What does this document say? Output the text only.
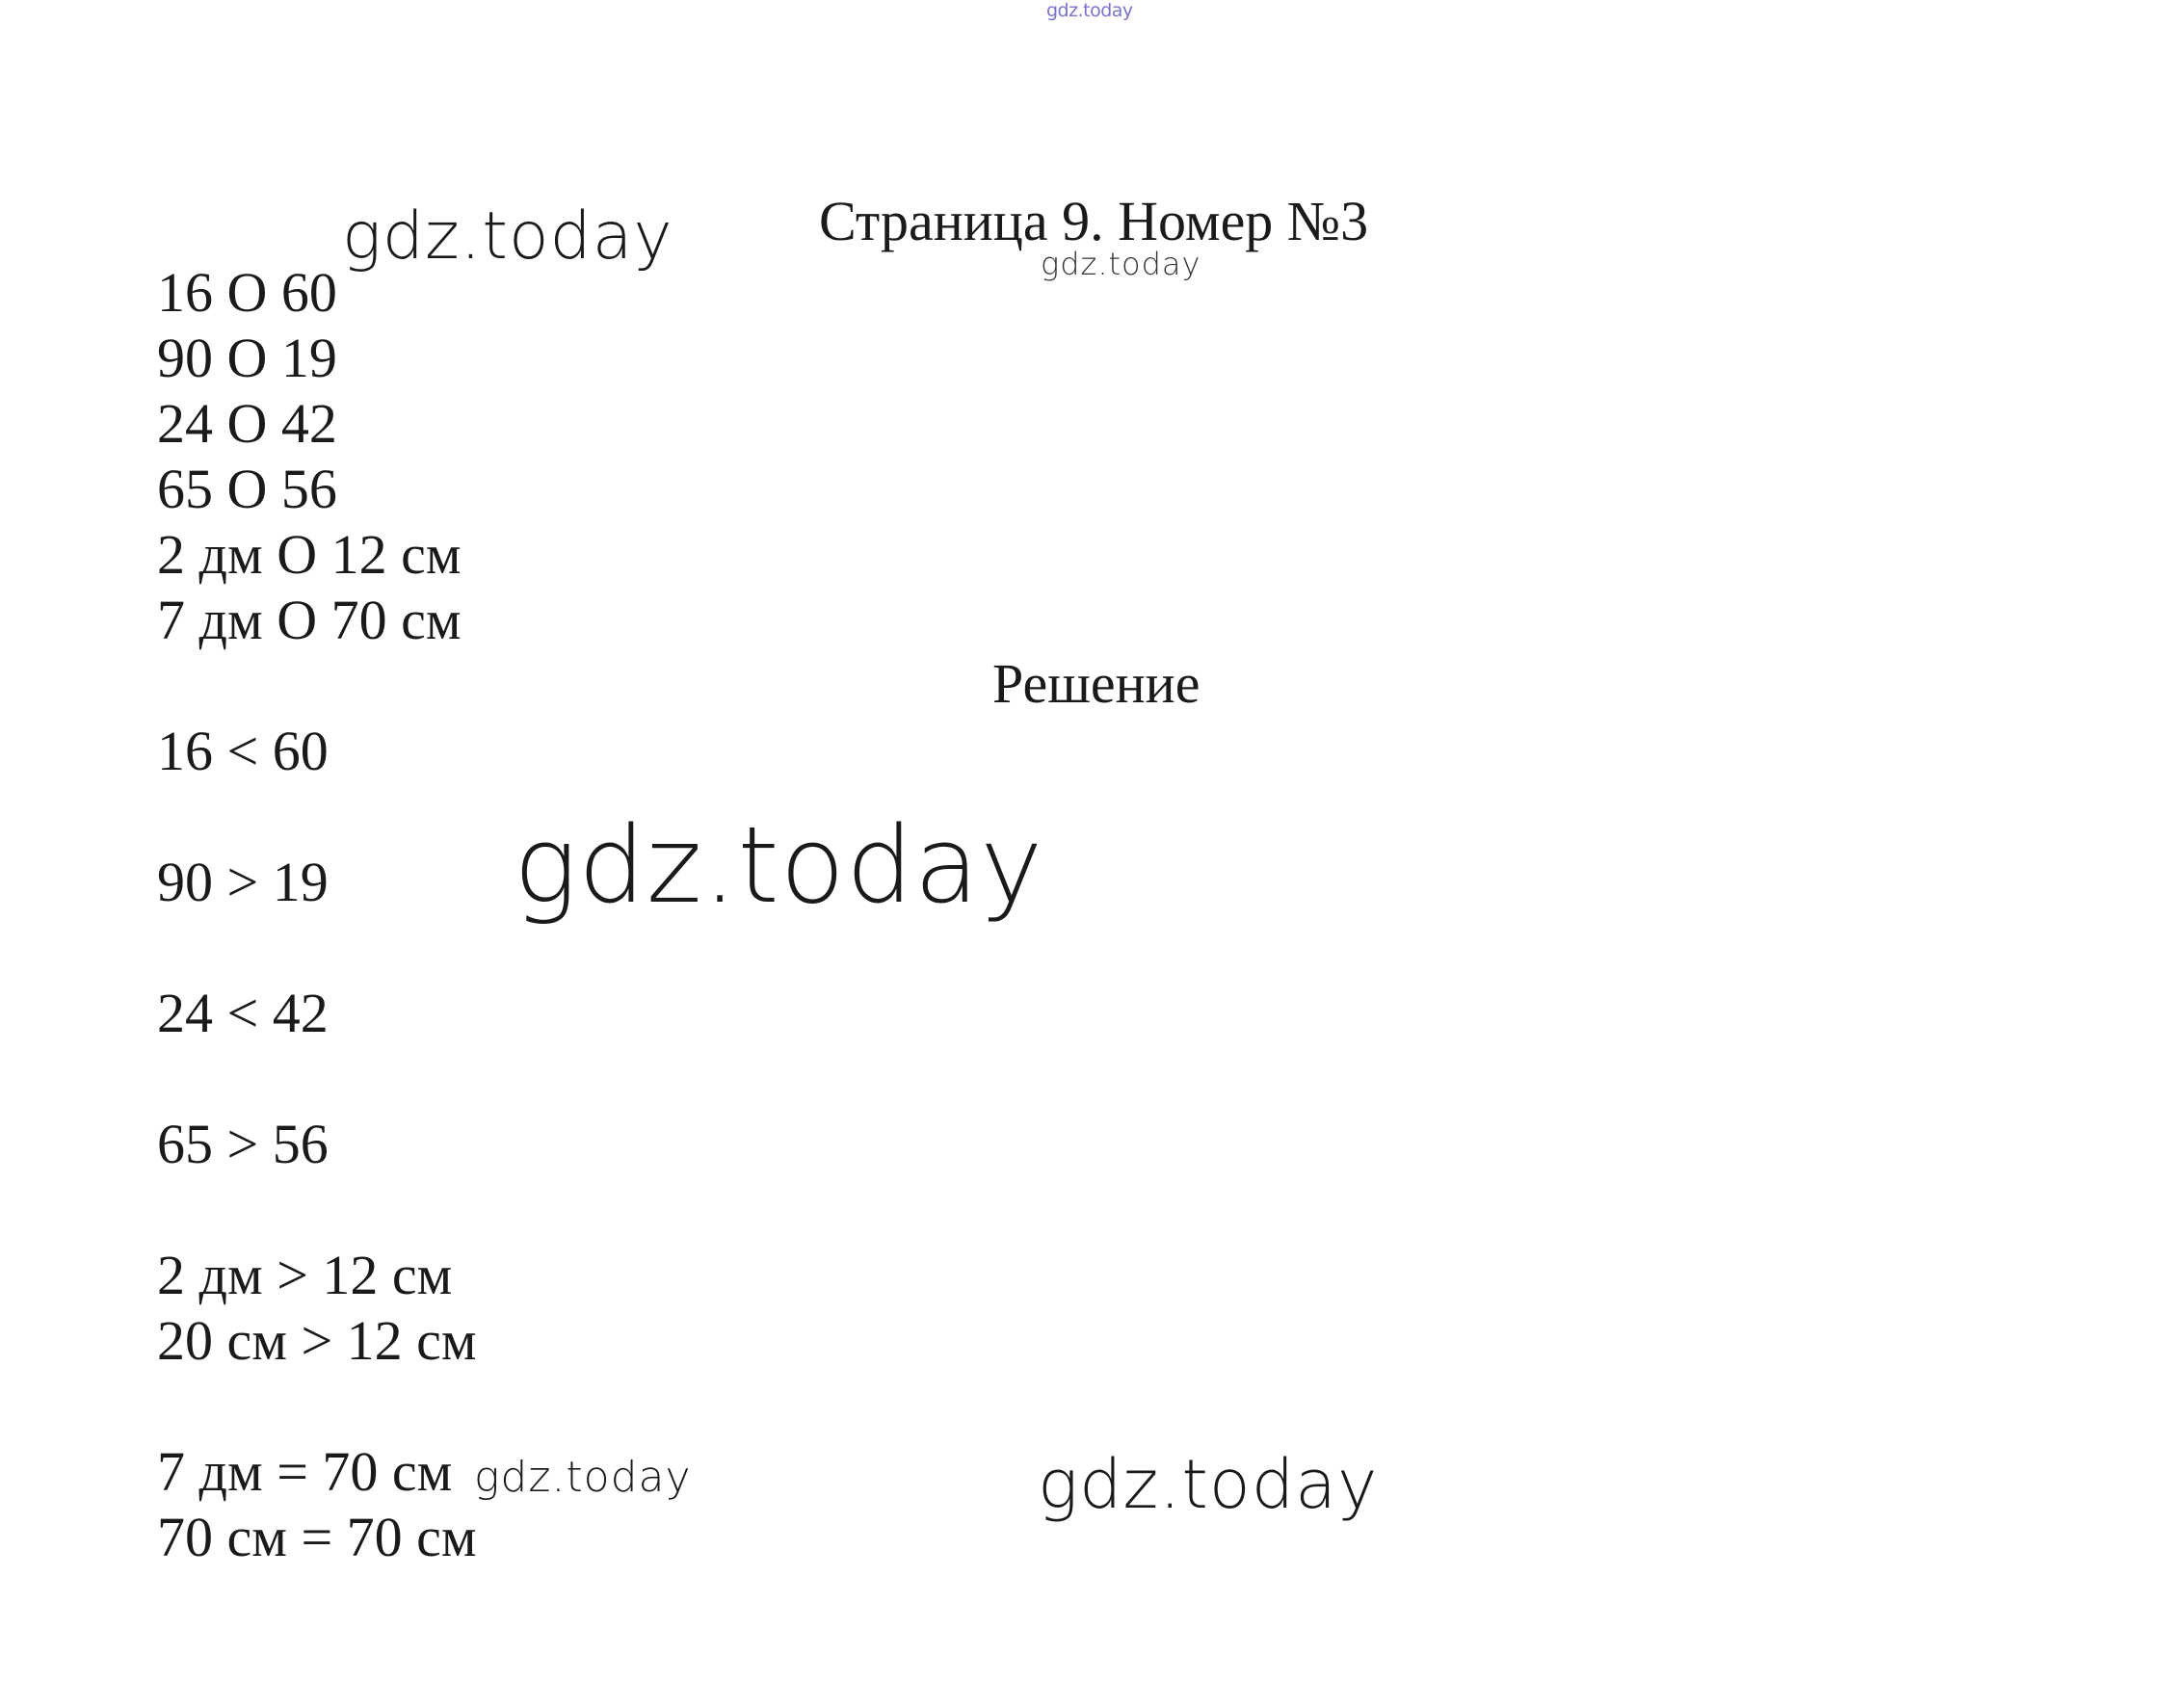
gdz.today
Страница 9. Номер №3
gdz.today	gdz.today
gdz.today
gdz.today	gdz.today
16 О 60
90 О 19
24 О 42
65 О 56
2 дм О 12 см
7 дм О 70 см
Решение
16 < 60
90 > 19
24 < 42
65 > 56
2 дм > 12 см
20 см > 12 см
7 дм = 70 см
70 см = 70 см
